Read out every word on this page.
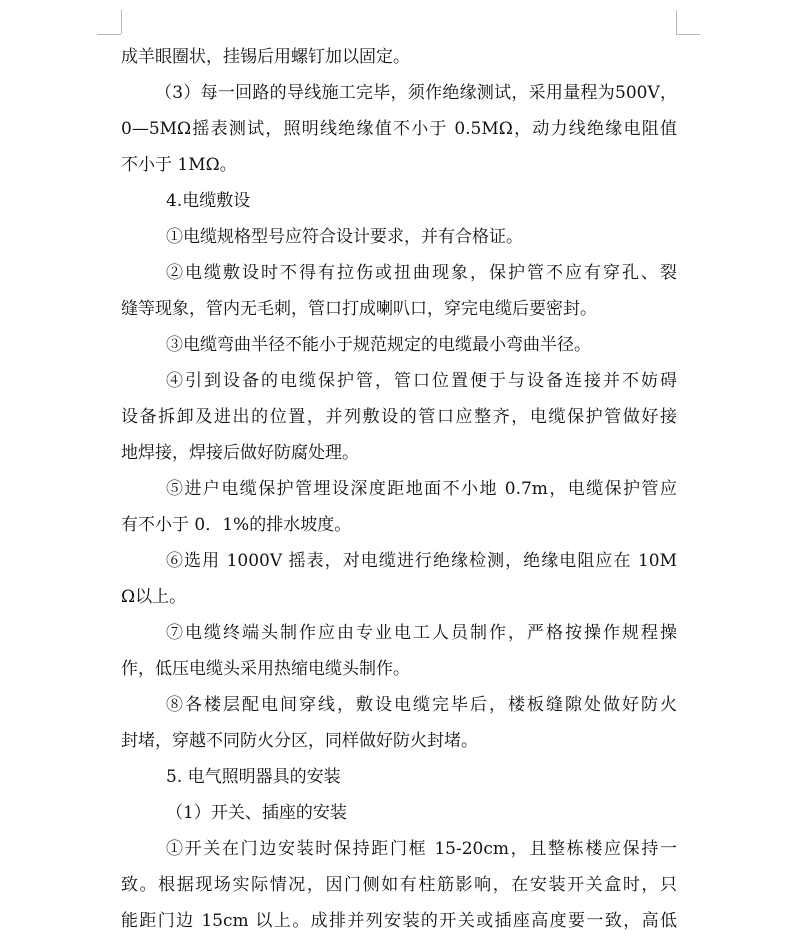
成羊眼圈状，挂锡后用螺钉加以固定。
（3）每一回路的导线施工完毕，须作绝缘测试，采用量程为500V，
0—5MΩ摇表测试，照明线绝缘值不小于 0.5MΩ，动力线绝缘电阻值
不小于 1MΩ。
4.电缆敷设
①电缆规格型号应符合设计要求，并有合格证。
②电缆敷设时不得有拉伤或扭曲现象，保护管不应有穿孔、裂
缝等现象，管内无毛刺，管口打成喇叭口，穿完电缆后要密封。
③电缆弯曲半径不能小于规范规定的电缆最小弯曲半径。
④引到设备的电缆保护管，管口位置便于与设备连接并不妨碍
设备拆卸及进出的位置，并列敷设的管口应整齐，电缆保护管做好接
地焊接，焊接后做好防腐处理。
⑤进户电缆保护管埋设深度距地面不小地 0.7m，电缆保护管应
有不小于 0．1%的排水坡度。
⑥选用 1000V 摇表，对电缆进行绝缘检测，绝缘电阻应在 10M
Ω以上。
⑦电缆终端头制作应由专业电工人员制作，严格按操作规程操
作，低压电缆头采用热缩电缆头制作。
⑧各楼层配电间穿线，敷设电缆完毕后，楼板缝隙处做好防火
封堵，穿越不同防火分区，同样做好防火封堵。
5. 电气照明器具的安装
（1）开关、插座的安装
①开关在门边安装时保持距门框 15-20cm，且整栋楼应保持一
致。根据现场实际情况，因门侧如有柱筋影响，在安装开关盒时，只
能距门边 15cm 以上。成排并列安装的开关或插座高度要一致，高低
